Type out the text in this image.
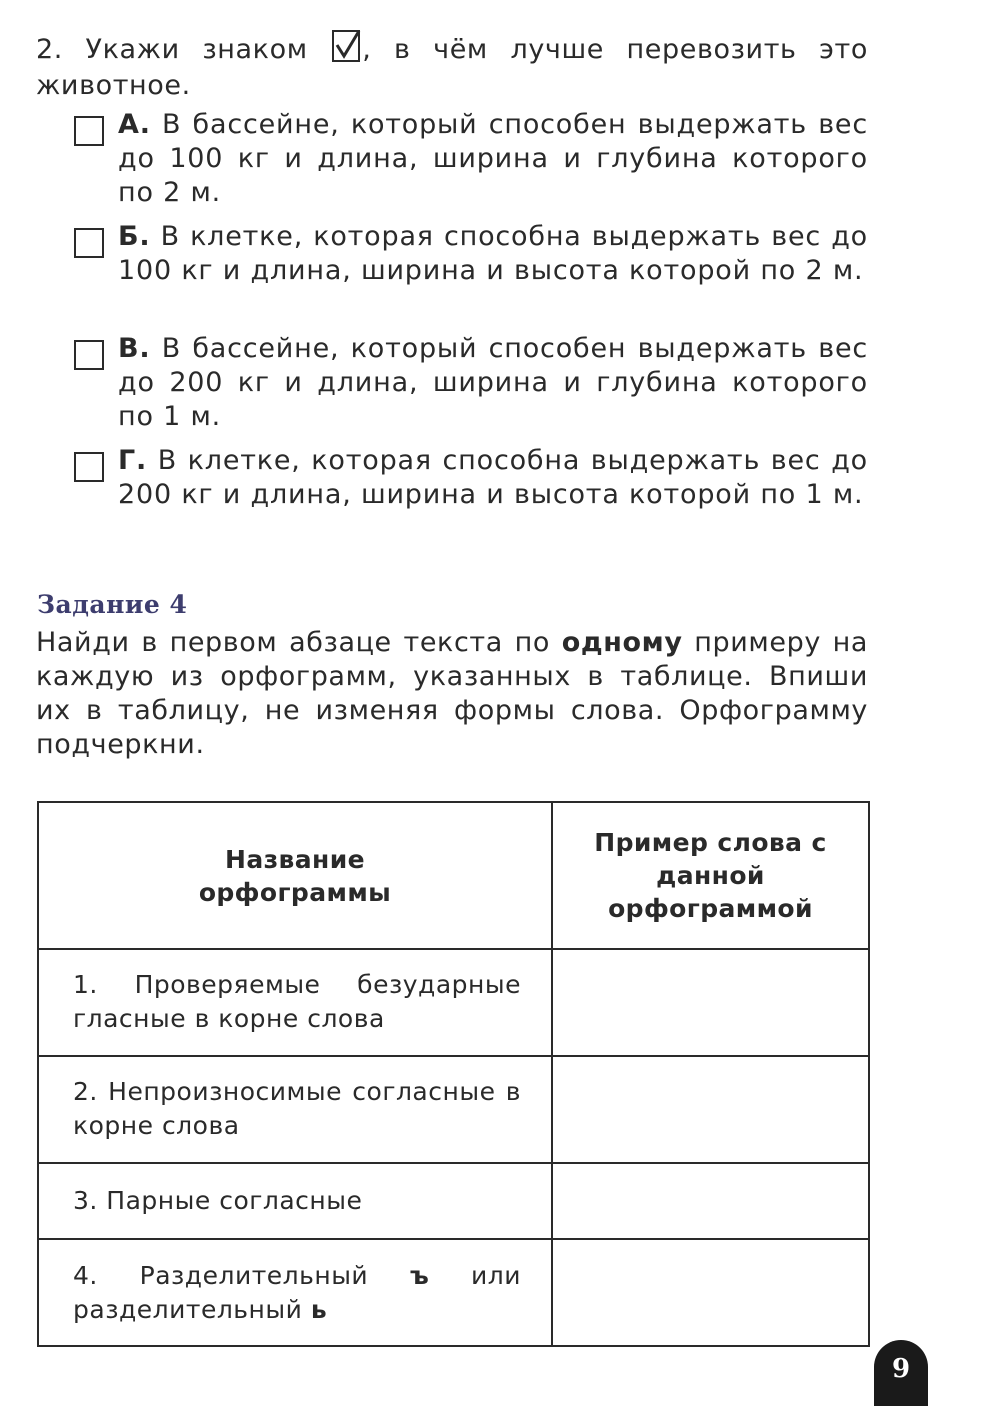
2. Укажи знаком , в чём лучше перевозить это животное.
А. В бассейне, который способен выдержать вес до 100 кг и длина, ширина и глубина которого по 2 м.
Б. В клетке, которая способна выдержать вес до 100 кг и длина, ширина и высота которой по 2 м.
В. В бассейне, который способен выдержать вес до 200 кг и длина, ширина и глубина которого по 1 м.
Г. В клетке, которая способна выдержать вес до 200 кг и длина, ширина и высота которой по 1 м.
Задание 4
Найди в первом абзаце текста по одному примеру на каждую из орфограмм, указанных в таблице. Впиши их в таблицу, не изменяя формы слова. Орфограмму подчеркни.
Название орфограммы	Пример слова с данной орфограммой

1. Проверяемые безударные гласные в корне слова	

2. Непроизносимые согласные в корне слова	

3. Парные согласные	

4. Разделительный ъ или разделительный ь	

9
